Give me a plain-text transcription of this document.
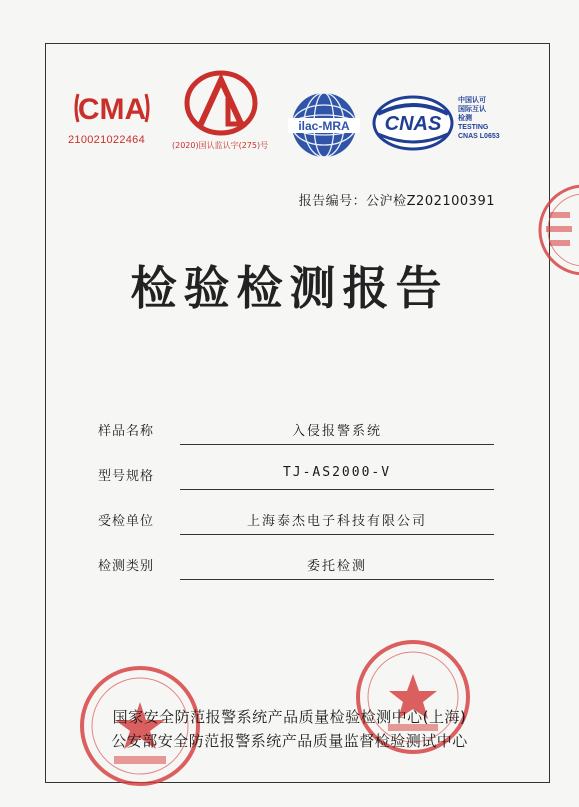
CMA
210021022464	CAL
(2020)国认监认字(275)号
ilac-MRA CNAS
中国认可
国际互认
检测
TESTING
CNAS L0653
报告编号：公沪检Z202100391
检验检测报告
样品名称	入侵报警系统
型号规格	TJ-AS2000-V
受检单位	上海泰杰电子科技有限公司
检测类别	委托检测
国家安全防范报警系统产品质量检验检测中心(上海)
公安部安全防范报警系统产品质量监督检验测试中心
